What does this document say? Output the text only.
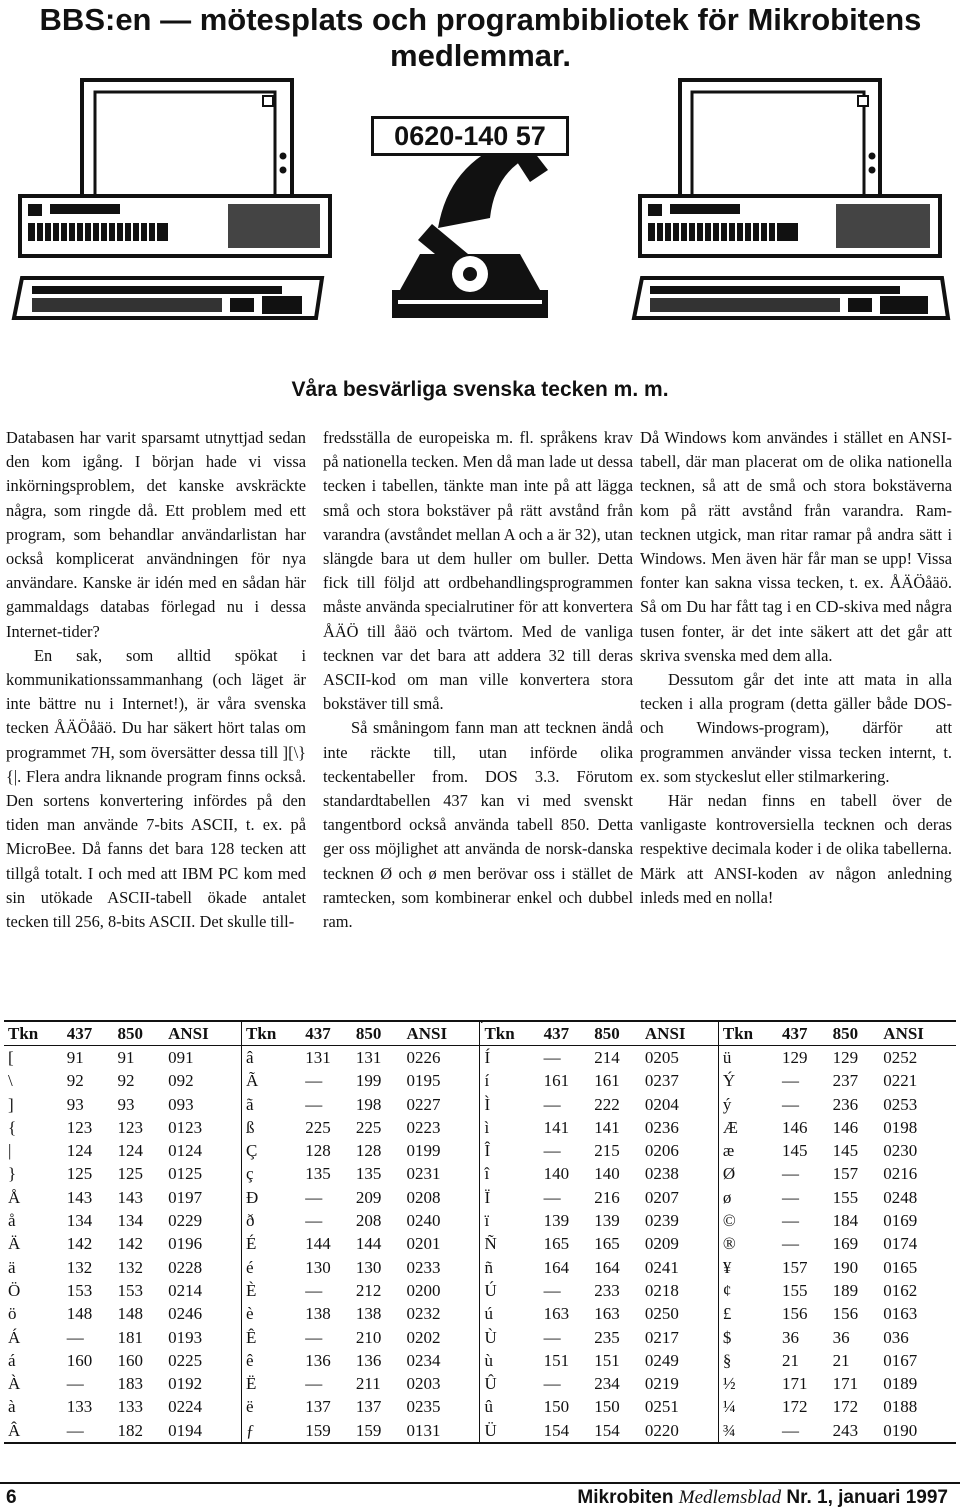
BBS:en — mötesplats och programbibliotek för Mikrobitens medlemmar.
0620-140 57
Våra besvärliga svenska tecken m. m.

Databasen har varit sparsamt utnyttjad sedan den kom igång. I början hade vi vissa inkörningsproblem, det kanske avskräckte några, som ringde då. Ett problem med ett program, som behandlar användarlistan har också komplicerat användningen för nya användare. Kanske är idén med en sådan här gammaldags databas förlegad nu i dessa Internet-tider?

En sak, som alltid spökat i kommunikationssammanhang (och läget är inte bättre nu i Internet!), är våra svenska tecken ÅÄÖåäö. Du har säkert hört talas om programmet 7H, som översätter dessa till ][\}{|. Flera andra liknande program finns också. Den sortens konvertering infördes på den tiden man använde 7-bits ASCII, t. ex. på MicroBee. Då fanns det bara 128 tecken att tillgå totalt. I och med att IBM PC kom med sin utökade ASCII-tabell ökade antalet tecken till 256, 8-bits ASCII. Det skulle till-

fredsställa de europeiska m. fl. språkens krav på nationella tecken. Men då man lade ut dessa tecken i tabellen, tänkte man inte på att lägga små och stora bokstäver på rätt avstånd från varandra (avståndet mellan A och a är 32), utan slängde bara ut dem huller om buller. Detta fick till följd att ordbehandlingsprogrammen måste använda specialrutiner för att konvertera ÅÄÖ till åäö och tvärtom. Med de vanliga tecknen var det bara att addera 32 till deras ASCII-kod om man ville konvertera stora bokstäver till små.

Så småningom fann man att tecknen ändå inte räckte till, utan införde olika teckentabeller from. DOS 3.3. Förutom standardtabellen 437 kan vi med svenskt tangentbord också använda tabell 850. Detta ger oss möjlighet att använda de norsk-danska tecknen Ø och ø men berövar oss i stället de ramtecken, som kombinerar enkel och dubbel ram.

Då Windows kom användes i stället en ANSI-tabell, där man placerat om de olika nationella tecknen, så att de små och stora bokstäverna kom på rätt avstånd från varandra. Ram-tecknen utgick, man ritar ramar på andra sätt i Windows. Men även här får man se upp! Vissa fonter kan sakna vissa tecken, t. ex. ÅÄÖåäö. Så om Du har fått tag i en CD-skiva med några tusen fonter, är det inte säkert att det går att skriva svenska med dem alla.

Dessutom går det inte att mata in alla tecken i alla program (detta gäller både DOS- och Windows-program), därför att programmen använder vissa tecken internt, t. ex. som styckeslut eller stilmarkering.

Här nedan finns en tabell över de vanligaste kontroversiella tecknen och deras respektive decimala koder i de olika tabellerna. Märk att ANSI-koden av någon anledning inleds med en nolla!

.
Tkn	437	850	ANSI	Tkn	437	850	ANSI	Tkn	437	850	ANSI	Tkn	437	850	ANSI
[	91	91	091	â	131	131	0226	Í	—	214	0205	ü	129	129	0252
\	92	92	092	Ã	—	199	0195	í	161	161	0237	Ý	—	237	0221
]	93	93	093	ã	—	198	0227	Ì	—	222	0204	ý	—	236	0253
{	123	123	0123	ß	225	225	0223	ì	141	141	0236	Æ	146	146	0198
|	124	124	0124	Ç	128	128	0199	Î	—	215	0206	æ	145	145	0230
}	125	125	0125	ç	135	135	0231	î	140	140	0238	Ø	—	157	0216
Å	143	143	0197	Ð	—	209	0208	Ï	—	216	0207	ø	—	155	0248
å	134	134	0229	ð	—	208	0240	ï	139	139	0239	©	—	184	0169
Ä	142	142	0196	É	144	144	0201	Ñ	165	165	0209	®	—	169	0174
ä	132	132	0228	é	130	130	0233	ñ	164	164	0241	¥	157	190	0165
Ö	153	153	0214	È	—	212	0200	Ú	—	233	0218	¢	155	189	0162
ö	148	148	0246	è	138	138	0232	ú	163	163	0250	£	156	156	0163
Á	—	181	0193	Ê	—	210	0202	Ù	—	235	0217	$	36	36	036
á	160	160	0225	ê	136	136	0234	ù	151	151	0249	§	21	21	0167
À	—	183	0192	Ë	—	211	0203	Û	—	234	0219	½	171	171	0189
à	133	133	0224	ë	137	137	0235	û	150	150	0251	¼	172	172	0188
Â	—	182	0194	ƒ	159	159	0131	Ü	154	154	0220	¾	—	243	0190
6	Mikrobiten Medlemsblad Nr. 1, januari 1997
